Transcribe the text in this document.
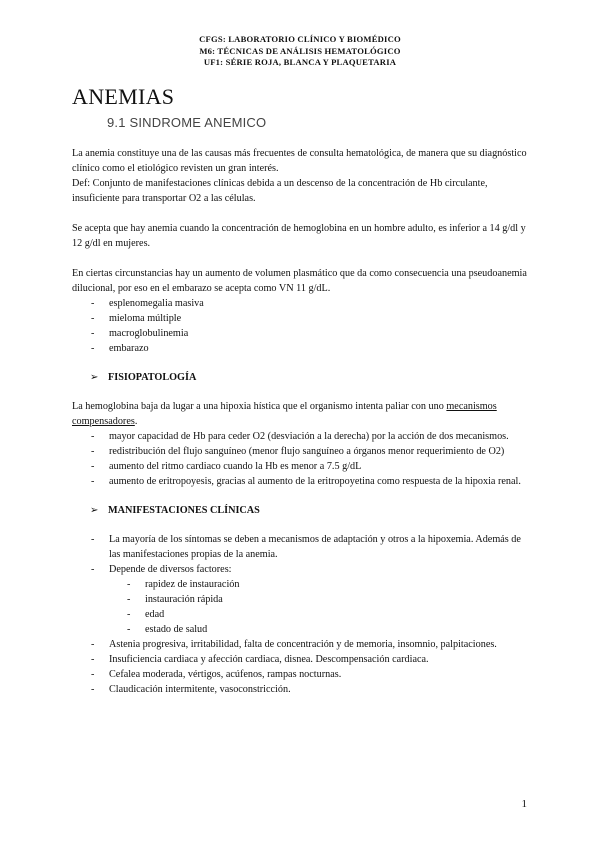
CFGS: LABORATORIO CLÍNICO Y BIOMÉDICO
M6: TÉCNICAS DE ANÁLISIS HEMATOLÓGICO
UF1: SÉRIE ROJA, BLANCA Y PLAQUETARIA
ANEMIAS
9.1 SINDROME ANEMICO

La anemia constituye una de las causas más frecuentes de consulta hematológica, de manera que su diagnóstico clínico como el etiológico revisten un gran interés.

Def: Conjunto de manifestaciones clínicas debida a un descenso de la concentración de Hb circulante, insuficiente para transportar O2 a las células.

Se acepta que hay anemia cuando la concentración de hemoglobina en un hombre adulto, es inferior a 14 g/dl y 12 g/dl en mujeres.

En ciertas circunstancias hay un aumento de volumen plasmático que da como consecuencia una pseudoanemia dilucional, por eso en el embarazo se acepta como VN 11 g/dL.

- esplenomegalia masiva
- mieloma múltiple
- macroglobulinemia
- embarazo
➢ FISIOPATOLOGÍA

La hemoglobina baja da lugar a una hipoxia hística que el organismo intenta paliar con uno mecanismos compensadores.

- mayor capacidad de Hb para ceder O2 (desviación a la derecha) por la acción de dos mecanismos.
- redistribución del flujo sanguíneo (menor flujo sanguíneo a órganos menor requerimiento de O2)
- aumento del ritmo cardiaco cuando la Hb es menor a 7.5 g/dL
- aumento de eritropoyesis, gracias al aumento de la eritropoyetina como respuesta de la hipoxia renal.
➢ MANIFESTACIONES CLÍNICAS
- La mayoría de los síntomas se deben a mecanismos de adaptación y otros a la hipoxemia. Además de las manifestaciones propias de la anemia.
- Depende de diversos factores:
- rapidez de instauración
- instauración rápida
- edad
- estado de salud
- Astenia progresiva, irritabilidad, falta de concentración y de memoria, insomnio, palpitaciones.
- Insuficiencia cardiaca y afección cardiaca, disnea. Descompensación cardiaca.
- Cefalea moderada, vértigos, acúfenos, rampas nocturnas.
- Claudicación intermitente, vasoconstricción.
1
